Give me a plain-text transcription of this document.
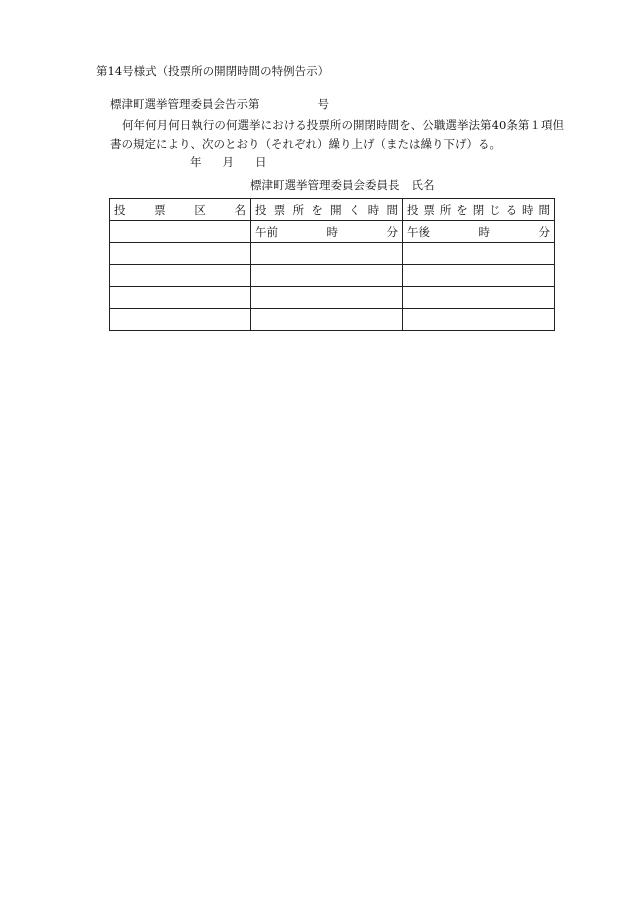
第14号様式（投票所の開閉時間の特例告示）
標津町選挙管理委員会告示第	号
何年何月何日執行の何選挙における投票所の開閉時間を、公職選挙法第40条第１項但
書の規定により、次のとおり（それぞれ）繰り上げ（または繰り下げ）る。
年 月 日
標津町選挙管理委員会委員長 氏名
投票区名	投票所を開く時間	投票所を閉じる時間

	午前 時 分	午後 時 分
